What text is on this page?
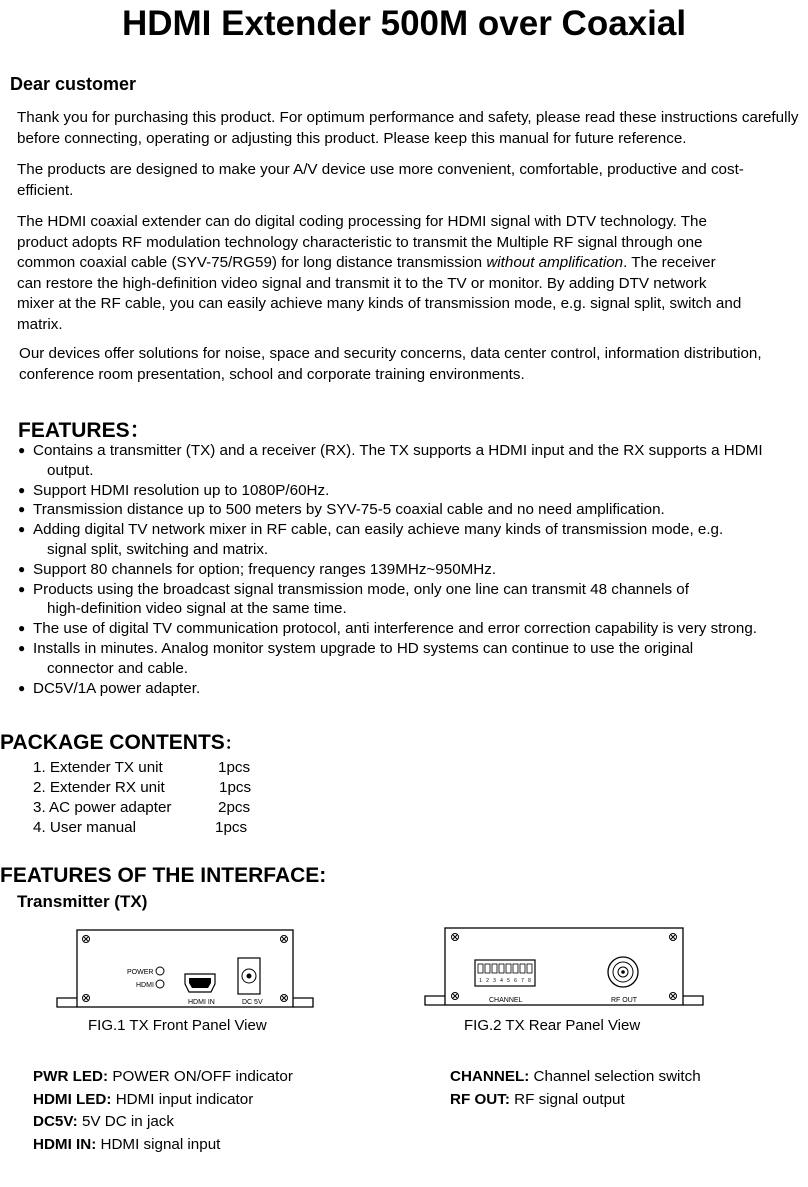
HDMI Extender 500M over Coaxial
Dear customer

Thank you for purchasing this product. For optimum performance and safety, please read these instructions carefully before connecting, operating or adjusting this product. Please keep this manual for future reference.

The products are designed to make your A/V device use more convenient, comfortable, productive and cost-efficient.

The HDMI coaxial extender can do digital coding processing for HDMI signal with DTV technology. The product adopts RF modulation technology characteristic to transmit the Multiple RF signal through one common coaxial cable (SYV-75/RG59) for long distance transmission without amplification. The receiver can restore the high-definition video signal and transmit it to the TV or monitor. By adding DTV network mixer at the RF cable, you can easily achieve many kinds of transmission mode, e.g. signal split, switch and matrix.

Our devices offer solutions for noise, space and security concerns, data center control, information distribution, conference room presentation, school and corporate training environments.

FEATURES：
● Contains a transmitter (TX) and a receiver (RX). The TX supports a HDMI input and the RX supports a HDMI
output.
● Support HDMI resolution up to 1080P/60Hz.
● Transmission distance up to 500 meters by SYV-75-5 coaxial cable and no need amplification.
● Adding digital TV network mixer in RF cable, can easily achieve many kinds of transmission mode, e.g.
signal split, switching and matrix.
● Support 80 channels for option; frequency ranges 139MHz~950MHz.
● Products using the broadcast signal transmission mode, only one line can transmit 48 channels of
high-definition video signal at the same time.
● The use of digital TV communication protocol, anti interference and error correction capability is very strong.
● Installs in minutes. Analog monitor system upgrade to HD systems can continue to use the original
connector and cable.
● DC5V/1A power adapter.
PACKAGE CONTENTS：
1. Extender TX unit	1pcs
2. Extender RX unit	1pcs
3. AC power adapter	2pcs
4. User manual	1pcs
FEATURES OF THE INTERFACE:
Transmitter (TX)
POWER
HDMI
HDMI IN	DC 5V
FIG.1 TX Front Panel View
1 2 3 4 5 6 7 8
CHANNEL	RF OUT
FIG.2 TX Rear Panel View
PWR LED: POWER ON/OFF indicator
HDMI LED: HDMI input indicator
DC5V: 5V DC in jack
HDMI IN: HDMI signal input
CHANNEL: Channel selection switch
RF OUT: RF signal output
